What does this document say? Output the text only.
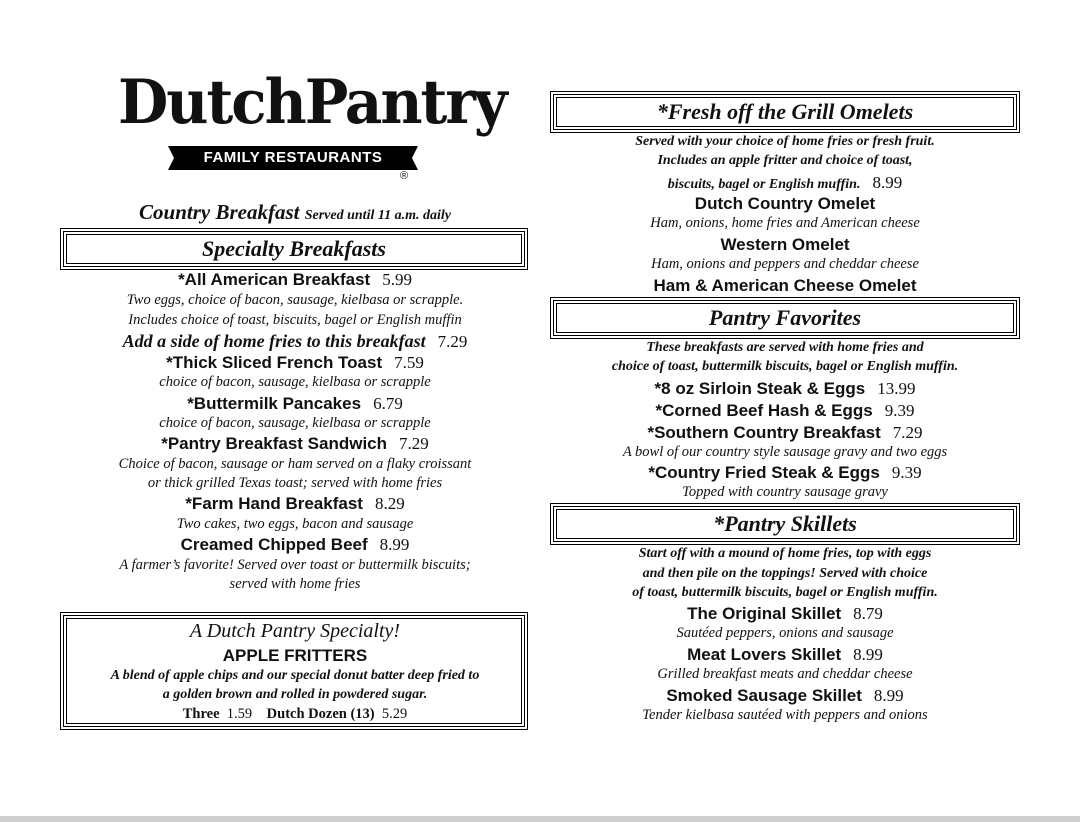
DutchPantry
FAMILY RESTAURANTS
®
Country Breakfast Served until 11 a.m. daily
Specialty Breakfasts
*All American Breakfast 5.99
Two eggs, choice of bacon, sausage, kielbasa or scrapple.
Includes choice of toast, biscuits, bagel or English muffin
Add a side of home fries to this breakfast 7.29
*Thick Sliced French Toast 7.59
choice of bacon, sausage, kielbasa or scrapple
*Buttermilk Pancakes 6.79
choice of bacon, sausage, kielbasa or scrapple
*Pantry Breakfast Sandwich 7.29
Choice of bacon, sausage or ham served on a flaky croissant
or thick grilled Texas toast; served with home fries
*Farm Hand Breakfast 8.29
Two cakes, two eggs, bacon and sausage
Creamed Chipped Beef 8.99
A farmer’s favorite! Served over toast or buttermilk biscuits;
served with home fries
A Dutch Pantry Specialty!
APPLE FRITTERS
A blend of apple chips and our special donut batter deep fried to
a golden brown and rolled in powdered sugar.
Three 1.59 Dutch Dozen (13) 5.29
*Fresh off the Grill Omelets
Served with your choice of home fries or fresh fruit.
Includes an apple fritter and choice of toast,
biscuits, bagel or English muffin. 8.99
Dutch Country Omelet
Ham, onions, home fries and American cheese
Western Omelet
Ham, onions and peppers and cheddar cheese
Ham & American Cheese Omelet
Pantry Favorites
These breakfasts are served with home fries and
choice of toast, buttermilk biscuits, bagel or English muffin.
*8 oz Sirloin Steak & Eggs 13.99
*Corned Beef Hash & Eggs 9.39
*Southern Country Breakfast 7.29
A bowl of our country style sausage gravy and two eggs
*Country Fried Steak & Eggs 9.39
Topped with country sausage gravy
*Pantry Skillets
Start off with a mound of home fries, top with eggs
and then pile on the toppings! Served with choice
of toast, buttermilk biscuits, bagel or English muffin.
The Original Skillet 8.79
Sautéed peppers, onions and sausage
Meat Lovers Skillet 8.99
Grilled breakfast meats and cheddar cheese
Smoked Sausage Skillet 8.99
Tender kielbasa sautéed with peppers and onions
